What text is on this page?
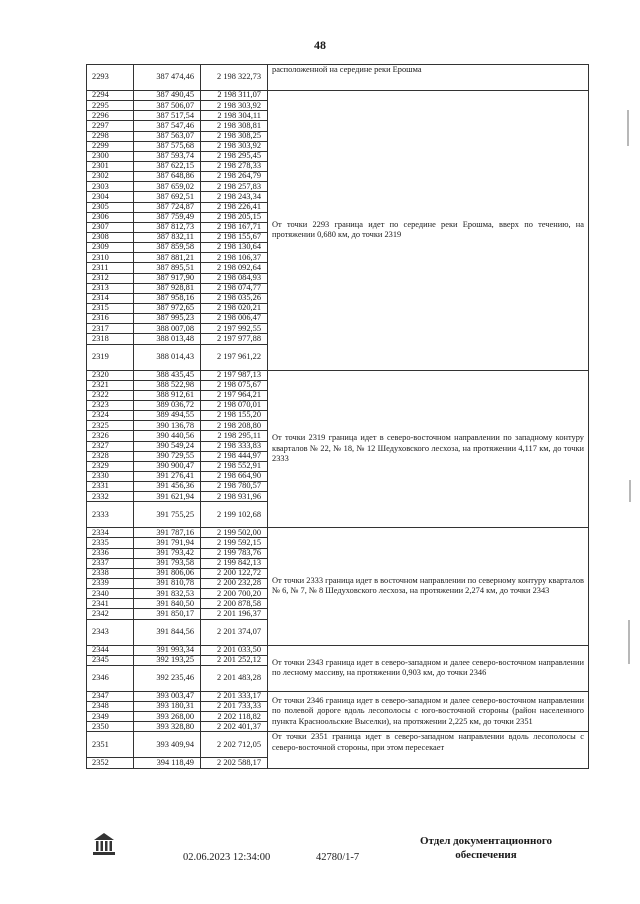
48
2293	387 474,46	2 198 322,73	расположенной на середине реки Ерошма
2294	387 490,45	2 198 311,07	От точки 2293 граница идет по середине реки Ерошма, вверх по течению, на протяжении 0,680 км, до точки 2319
2295	387 506,07	2 198 303,92	
2296	387 517,54	2 198 304,11	
2297	387 547,46	2 198 308,81	
2298	387 563,07	2 198 308,25	
2299	387 575,68	2 198 303,92	
2300	387 593,74	2 198 295,45	
2301	387 622,15	2 198 278,33	
2302	387 648,86	2 198 264,79	
2303	387 659,02	2 198 257,83	
2304	387 692,51	2 198 243,34	
2305	387 724,87	2 198 226,41	
2306	387 759,49	2 198 205,15	
2307	387 812,73	2 198 167,71	
2308	387 832,11	2 198 155,67	
2309	387 859,58	2 198 130,64	
2310	387 881,21	2 198 106,37	
2311	387 895,51	2 198 092,64	
2312	387 917,90	2 198 084,93	
2313	387 928,81	2 198 074,77	
2314	387 958,16	2 198 035,26	
2315	387 972,65	2 198 020,21	
2316	387 995,23	2 198 006,47	
2317	388 007,08	2 197 992,55	
2318	388 013,48	2 197 977,88	
2319	388 014,43	2 197 961,22	
2320	388 435,45	2 197 987,13	От точки 2319 граница идет в северо-восточном направлении по западному контуру кварталов № 22, № 18, № 12 Шедуховского лесхоза, на протяжении 4,117 км, до точки 2333
2321	388 522,98	2 198 075,67	
2322	388 912,61	2 197 964,21	
2323	389 036,72	2 198 070,01	
2324	389 494,55	2 198 155,20	
2325	390 136,78	2 198 208,80	
2326	390 440,56	2 198 295,11	
2327	390 549,24	2 198 333,83	
2328	390 729,55	2 198 444,97	
2329	390 900,47	2 198 552,91	
2330	391 276,41	2 198 664,90	
2331	391 456,36	2 198 780,57	
2332	391 621,94	2 198 931,96	
2333	391 755,25	2 199 102,68	
2334	391 787,16	2 199 502,00	От точки 2333 граница идет в восточном направлении по северному контуру кварталов № 6, № 7, № 8 Шедуховского лесхоза, на протяжении 2,274 км, до точки 2343
2335	391 791,94	2 199 592,15	
2336	391 793,42	2 199 783,76	
2337	391 793,58	2 199 842,13	
2338	391 806,06	2 200 122,72	
2339	391 810,78	2 200 232,28	
2340	391 832,53	2 200 700,20	
2341	391 840,50	2 200 878,58	
2342	391 850,17	2 201 196,37	
2343	391 844,56	2 201 374,07	
2344	391 993,34	2 201 033,50	От точки 2343 граница идет в северо-западном и далее северо-восточном направлении по лесному массиву, на протяжении 0,903 км, до точки 2346
2345	392 193,25	2 201 252,12	
2346	392 235,46	2 201 483,28	
2347	393 003,47	2 201 333,17	От точки 2346 граница идет в северо-западном и далее северо-восточном направлении по полевой дороге вдоль лесополосы с юго-восточной стороны (район населенного пункта Красноольские Выселки), на протяжении 2,225 км, до точки 2351
2348	393 180,31	2 201 733,33	
2349	393 268,00	2 202 118,82	
2350	393 328,80	2 202 401,37	
2351	393 409,94	2 202 712,05	От точки 2351 граница идет в северо-западном направлении вдоль лесополосы с северо-восточной стороны, при этом пересекает
2352	394 118,49	2 202 588,17	
02.06.2023 12:34:00	42780/1-7
Отдел документационного
обеспечения
